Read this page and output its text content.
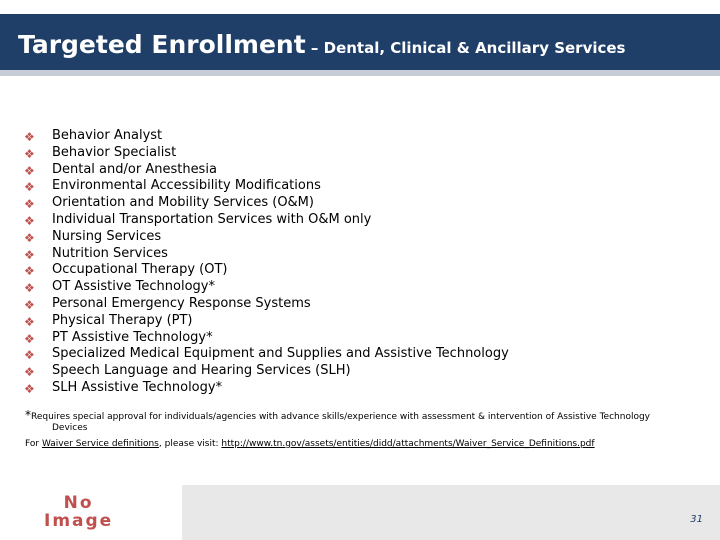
Targeted Enrollment – Dental, Clinical & Ancillary Services
❖ Behavior Analyst
❖ Behavior Specialist
❖ Dental and/or Anesthesia
❖ Environmental Accessibility Modifications
❖ Orientation and Mobility Services (O&M)
❖ Individual Transportation Services with O&M only
❖ Nursing Services
❖ Nutrition Services
❖ Occupational Therapy (OT)
❖ OT Assistive Technology*
❖ Personal Emergency Response Systems
❖ Physical Therapy (PT)
❖ PT Assistive Technology*
❖ Specialized Medical Equipment and Supplies and Assistive Technology
❖ Speech Language and Hearing Services (SLH)
❖ SLH Assistive Technology*
*Requires special approval for individuals/agencies with advance skills/experience with assessment & intervention of Assistive Technology
Devices
For Waiver Service definitions, please visit: http://www.tn.gov/assets/entities/didd/attachments/Waiver_Service_Definitions.pdf
No
Image	31
